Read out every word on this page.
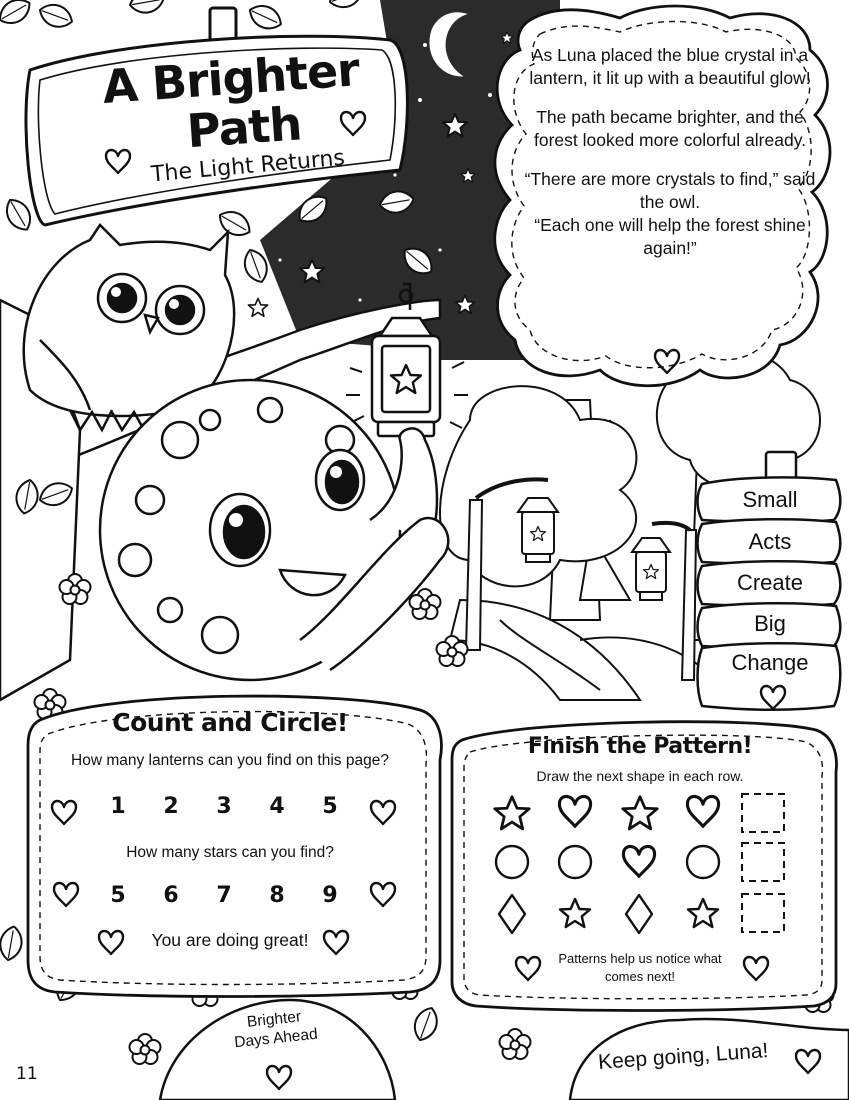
A Brighter
Path
The Light Returns

As Luna placed the blue crystal in a lantern, it lit up with a beautiful glow!

The path became brighter, and the forest looked more colorful already.

“There are more crystals to find,” said the owl.

“Each one will help the forest shine again!”

Small
Acts
Create
Big
Change
Count and Circle!
How many lanterns can you find on this page?
1	2	3	4	5
How many stars can you find?
5	6	7	8	9
You are doing great!
Finish the Pattern!
Draw the next shape in each row.
Patterns help us notice what comes next!
Brighter
Days Ahead
Keep going, Luna!
11
